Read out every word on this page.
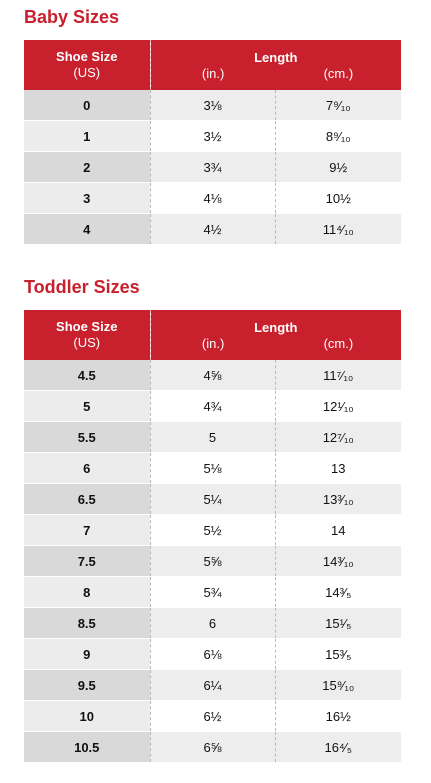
Baby Sizes
Shoe Size
(US)	Length
(in.) (cm.)	

0	3⅛	7⁹⁄₁₀
1	3½	8⁹⁄₁₀
2	3¾	9½
3	4⅛	10½
4	4½	11⁴⁄₁₀
Toddler Sizes
Shoe Size
(US)	Length
(in.) (cm.)	

4.5	4⅝	11⁷⁄₁₀
5	4¾	12¹⁄₁₀
5.5	5	12⁷⁄₁₀
6	5⅛	13
6.5	5¼	13³⁄₁₀
7	5½	14
7.5	5⅝	14³⁄₁₀
8	5¾	14³⁄₅
8.5	6	15¹⁄₅
9	6⅛	15³⁄₅
9.5	6¼	15⁹⁄₁₀
10	6½	16½
10.5	6⅝	16⁴⁄₅
